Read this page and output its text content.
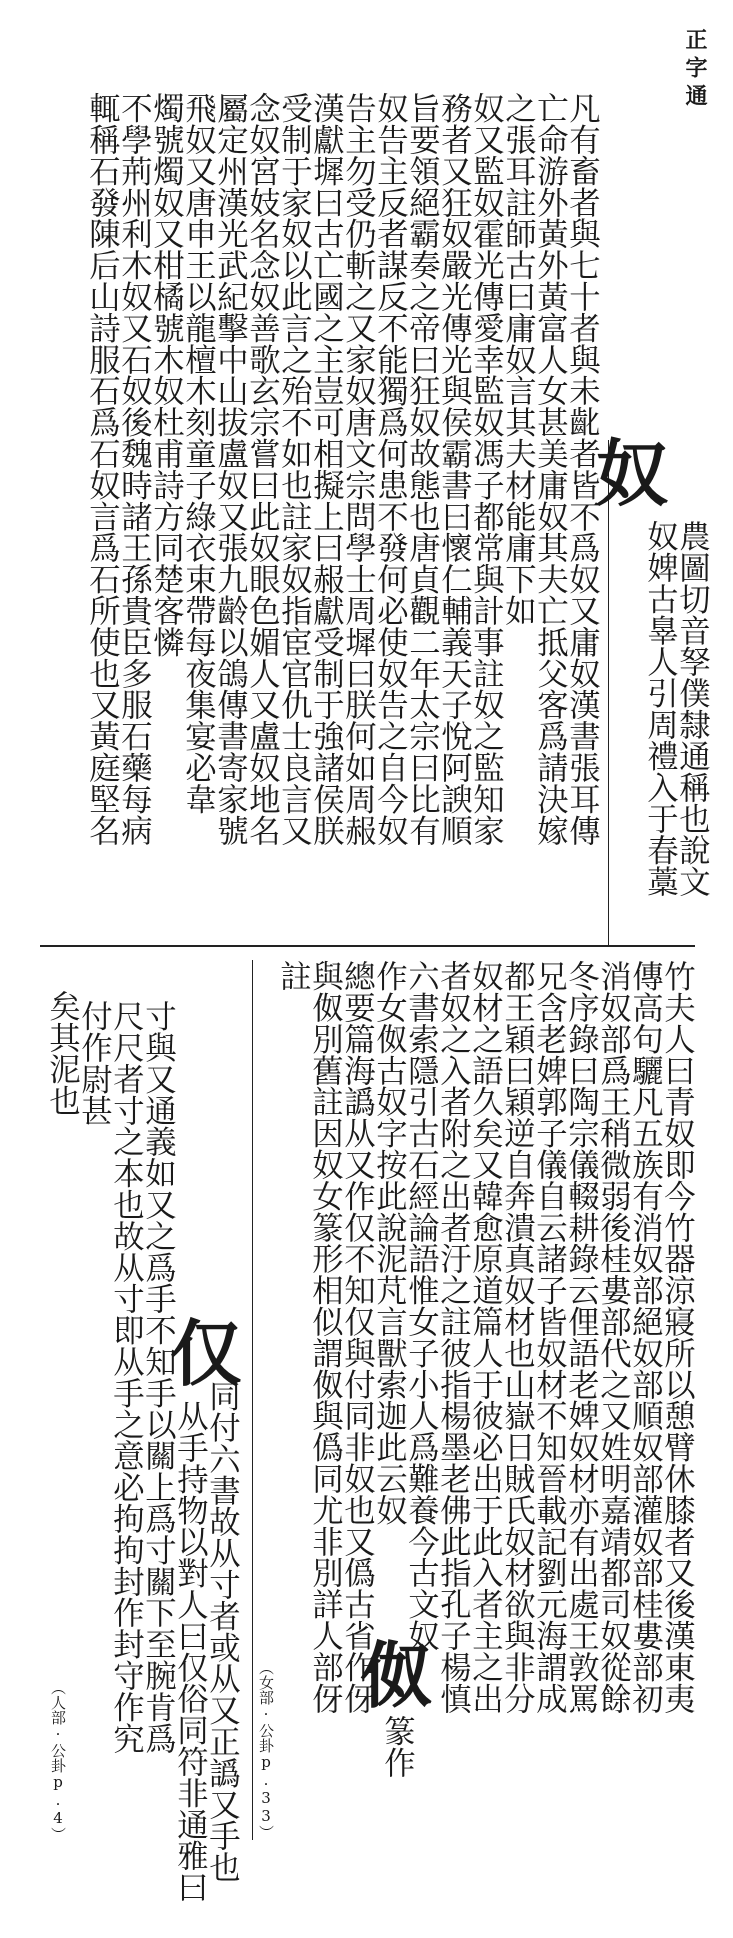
正字通
凡有畜者與七十者與未齔者皆不爲奴又庸奴漢書張耳傳
亡命游外黃外黃富人女甚美庸奴其夫亡抵父客爲請決嫁
之張耳註師古曰庸奴言其夫材能庸下如
奴又監奴霍光傳愛幸監奴馮子都常與計事註奴之監知家
務者又狂奴嚴光傳光與侯霸書曰懷仁輔義天子悅阿諛順
旨要領絕霸奏之帝曰狂奴故態也唐貞觀二年太宗曰比有
奴告主反者謀反不能獨爲何患不發何必使奴告之自今奴
告主勿受仍斬之又家奴唐文宗問學士周墀曰朕何如周赧
漢獻墀曰古亡國之主豈可相擬上曰赧獻受制于強諸侯朕
受制于家奴以此言之殆不如也註家奴指宦官仇士良言又
念奴宮妓名念奴善歌玄宗嘗曰此奴眼色媚人又盧奴地名
屬定州漢光武紀擊中山拔盧奴又張九齡以鴿傳書寄家號
飛奴又唐申王以龍檀木刻童子綠衣束帶每夜集宴必韋
燭號燭奴又柑橘號木奴杜甫詩方同楚客憐
不學荊州利木奴又石奴後魏時諸王孫貴臣多服石藥每病
輒稱石發陳后山詩服石爲石奴言爲石所使也又黃庭堅名	奴
農圖切音孥僕隸通稱也說文
奴婢古辠人引周禮入于春藁
竹夫人曰青奴即今竹器涼寢所以憩臂休膝者又後漢東夷
傳高句驪凡五族有消奴部絕奴部順奴部灌奴部桂婁部初
消奴部爲王稍微弱後桂婁部代之又姓明嘉靖都司奴從餘
冬序錄曰陶宗儀輟耕錄云俚語老婢奴材亦有出處王敦罵
兄含老婢郭子儀自云諸子皆奴材不知晉載記劉元海謂成
都王穎曰穎逆自奔潰真奴材也山嶽日賊氏奴材欲與非分
奴材之語久矣又韓愈原道篇人于彼必出于此入者主之出
者奴之入者附之出者汙之註彼指楊墨老佛此指孔子楊慎
六書索隱引古石經論語惟女子小人爲難養今古文奴
作女伮古奴字按此說泥芃言獸索迦此云奴
總要篇海譌从又作仅不知仅與付同非奴也又僞古省作伢
與伮別舊註因奴女篆形相似謂伮與僞同尤非別詳人部伢
註
伮
篆作
（女部·公卦p.33）
仅
同付六書故从寸者或从又正譌又手也
从手持物以對人曰仅俗同符非通雅曰
寸與又通義如又之爲手不知手以關上爲寸關下至腕肯爲
尺尺者寸之本也故从寸即从手之意必拘拘封作封守作究
付作尉甚
矣其泥也
（人部·公卦p.4）
